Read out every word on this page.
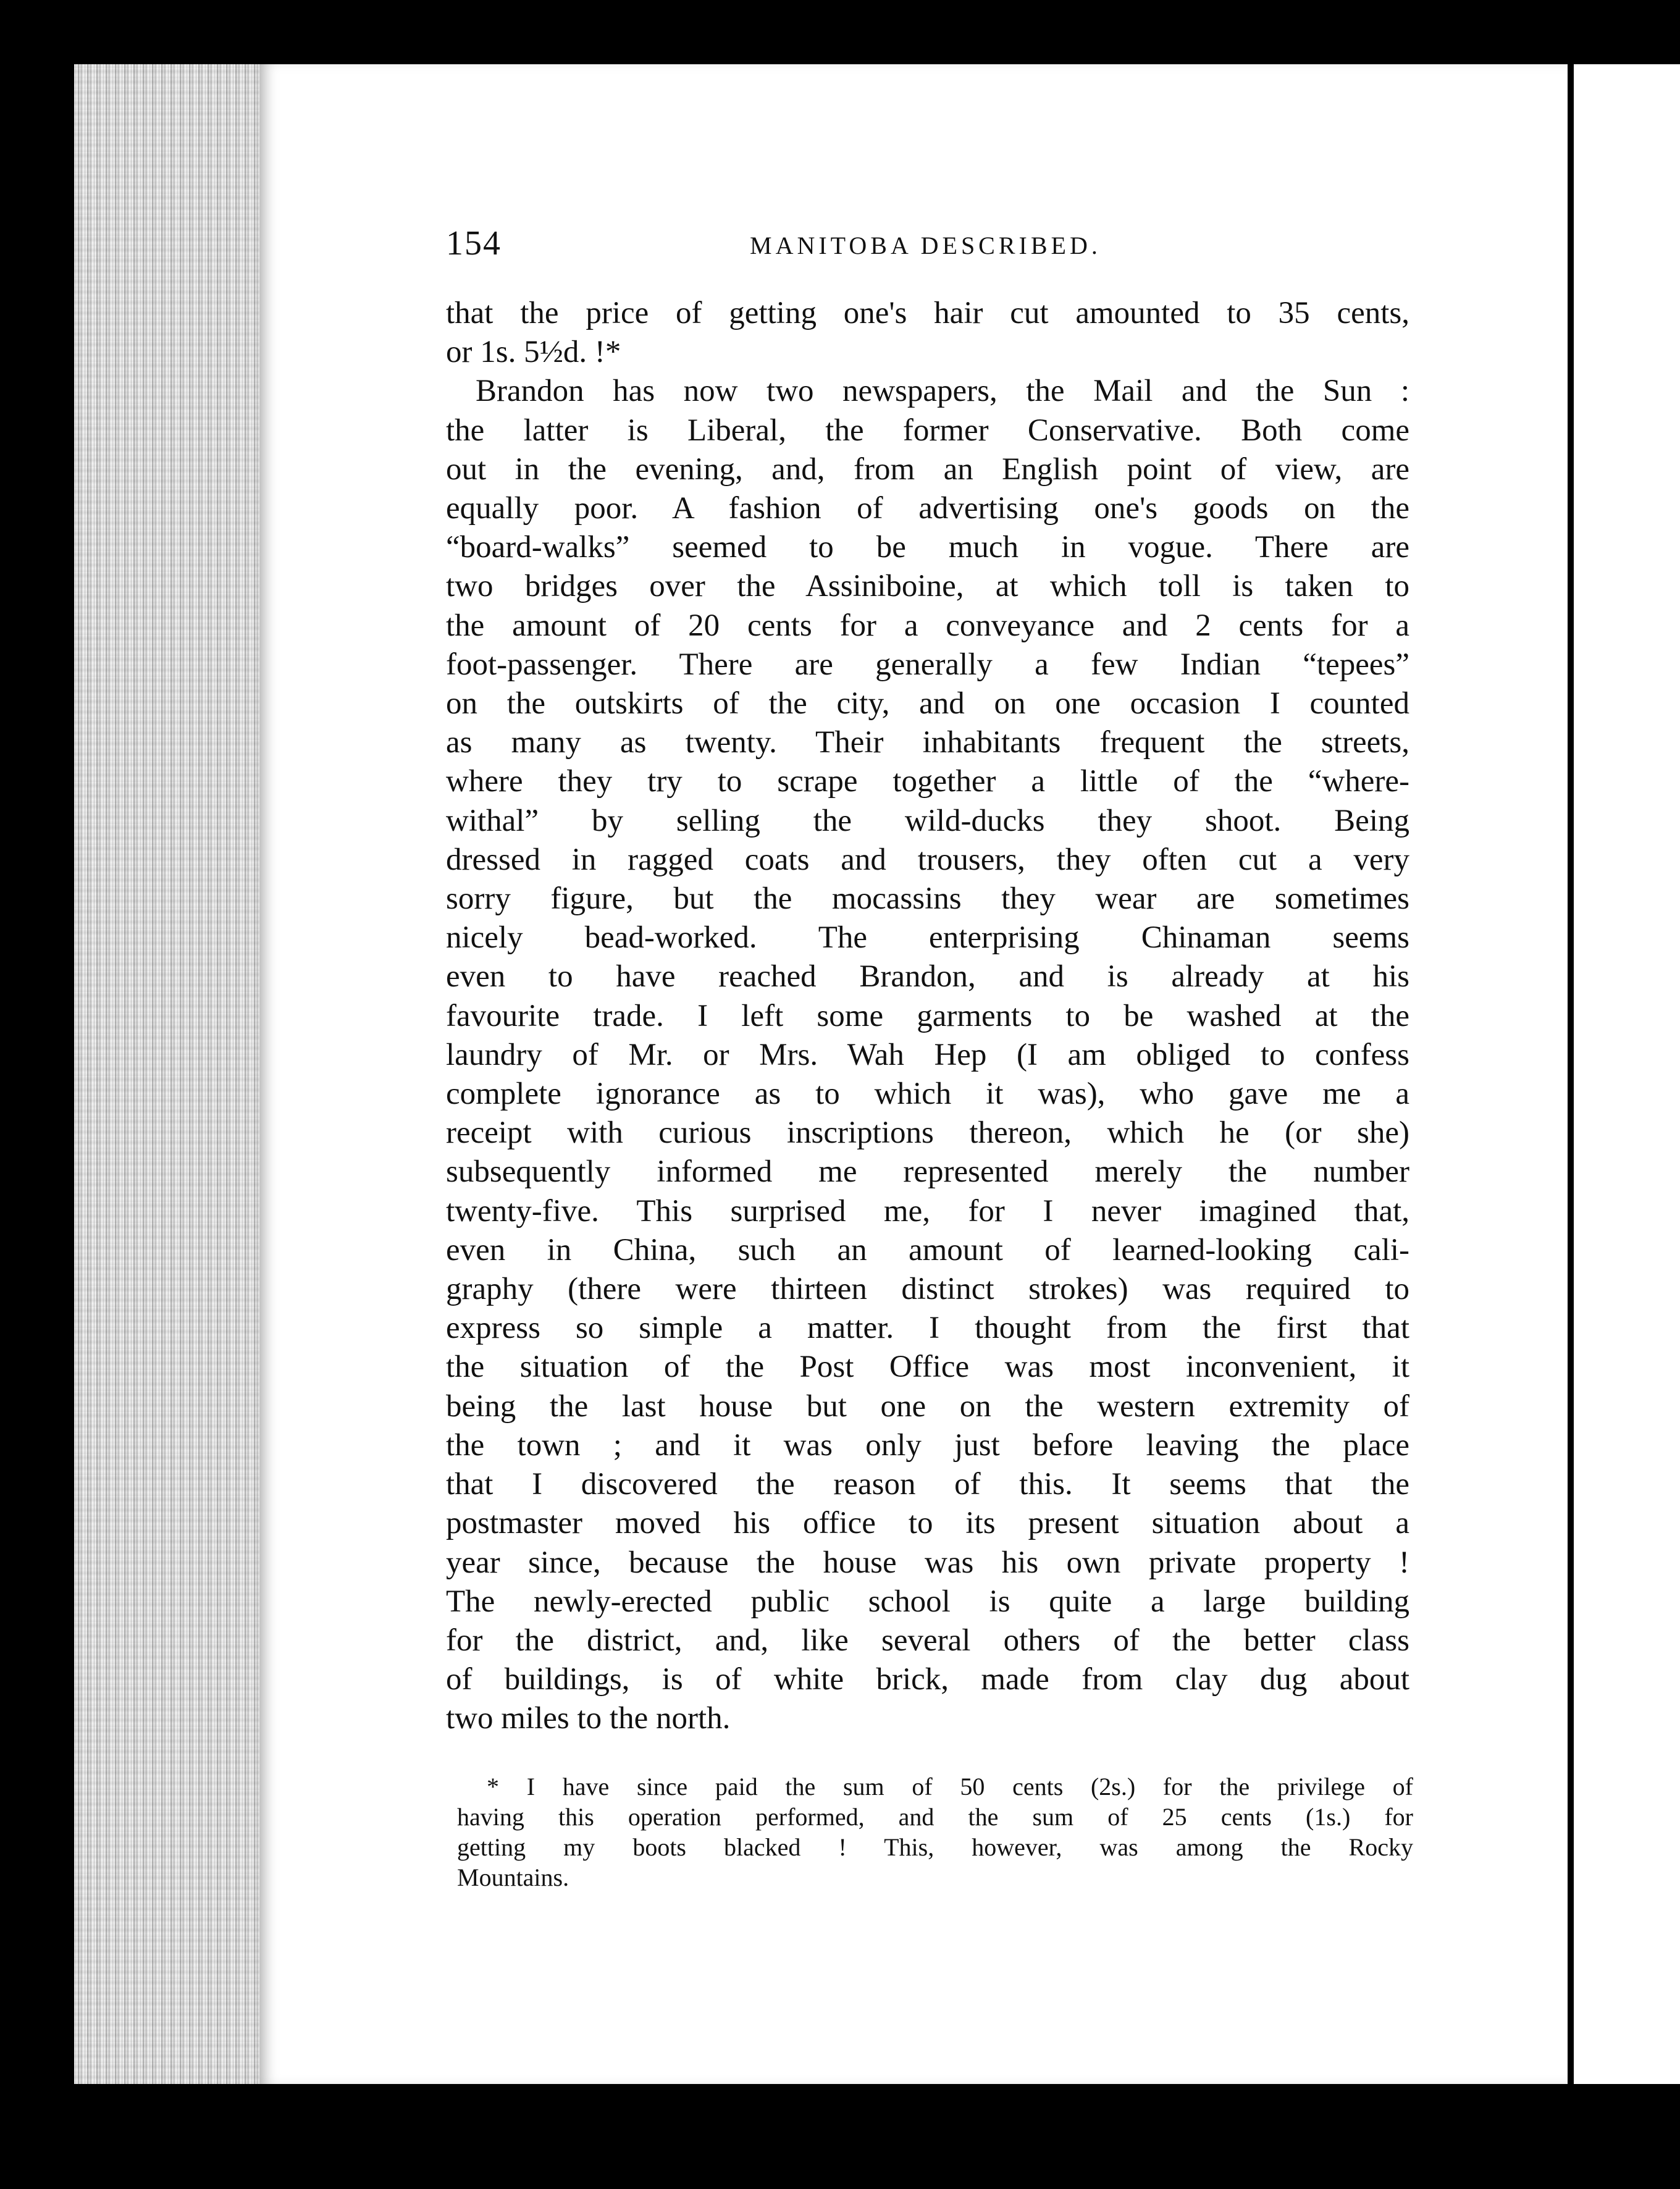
154	MANITOBA DESCRIBED.
that the price of getting one's hair cut amounted to 35 cents,
or 1s. 5½d. !*
Brandon has now two newspapers, the Mail and the Sun :
the latter is Liberal, the former Conservative. Both come
out in the evening, and, from an English point of view, are
equally poor. A fashion of advertising one's goods on the
“board-walks” seemed to be much in vogue. There are
two bridges over the Assiniboine, at which toll is taken to
the amount of 20 cents for a conveyance and 2 cents for a
foot-passenger. There are generally a few Indian “tepees”
on the outskirts of the city, and on one occasion I counted
as many as twenty. Their inhabitants frequent the streets,
where they try to scrape together a little of the “where-
withal” by selling the wild-ducks they shoot. Being
dressed in ragged coats and trousers, they often cut a very
sorry figure, but the mocassins they wear are sometimes
nicely bead-worked. The enterprising Chinaman seems
even to have reached Brandon, and is already at his
favourite trade. I left some garments to be washed at the
laundry of Mr. or Mrs. Wah Hep (I am obliged to confess
complete ignorance as to which it was), who gave me a
receipt with curious inscriptions thereon, which he (or she)
subsequently informed me represented merely the number
twenty-five. This surprised me, for I never imagined that,
even in China, such an amount of learned-looking cali-
graphy (there were thirteen distinct strokes) was required to
express so simple a matter. I thought from the first that
the situation of the Post Office was most inconvenient, it
being the last house but one on the western extremity of
the town ; and it was only just before leaving the place
that I discovered the reason of this. It seems that the
postmaster moved his office to its present situation about a
year since, because the house was his own private property !
The newly-erected public school is quite a large building
for the district, and, like several others of the better class
of buildings, is of white brick, made from clay dug about
two miles to the north.
* I have since paid the sum of 50 cents (2s.) for the privilege of
having this operation performed, and the sum of 25 cents (1s.) for
getting my boots blacked ! This, however, was among the Rocky
Mountains.
